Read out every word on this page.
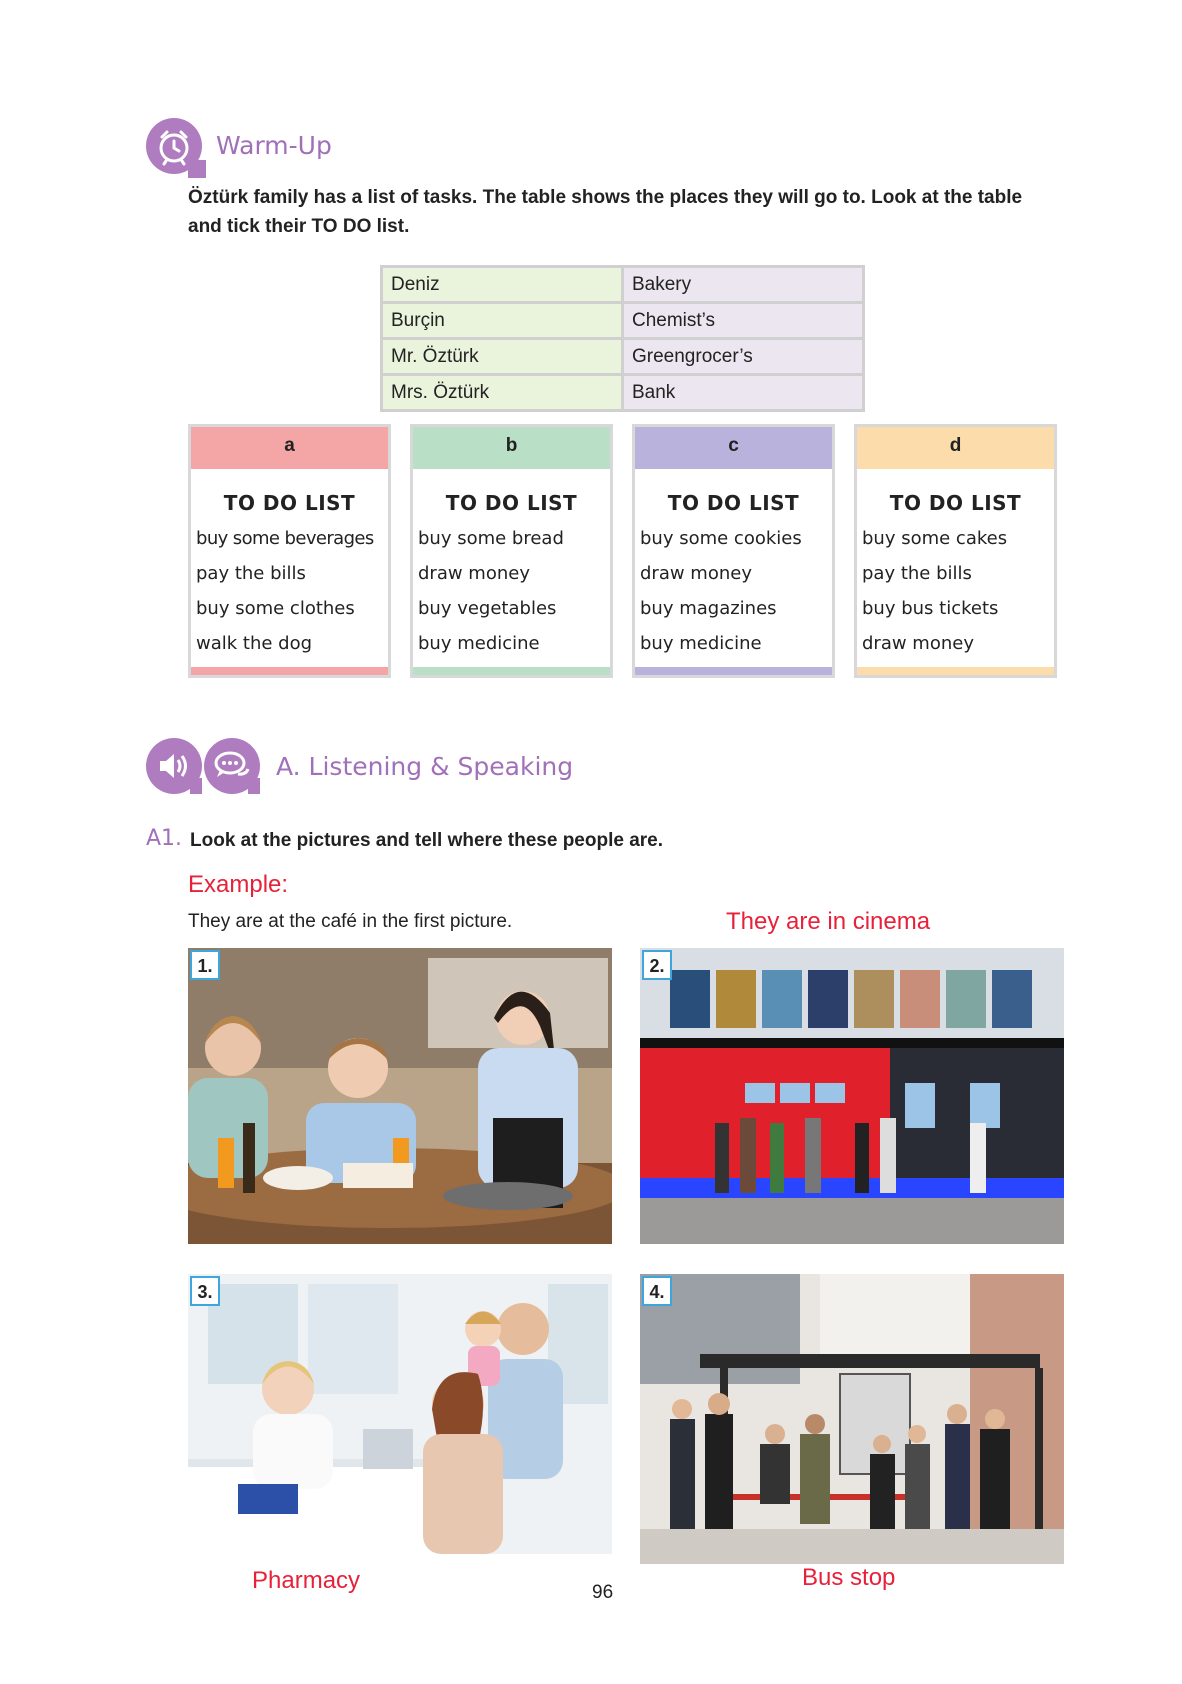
Warm-Up
Öztürk family has a list of tasks. The table shows the places they will go to. Look at the table and tick their TO DO list.
Deniz	Bakery
Burçin	Chemist’s
Mr. Öztürk	Greengrocer’s
Mrs. Öztürk	Bank
a
TO DO LIST
buy some beverages
pay the bills
buy some clothes
walk the dog
b
TO DO LIST
buy some bread
draw money
buy vegetables
buy medicine
c
TO DO LIST
buy some cookies
draw money
buy magazines
buy medicine
d
TO DO LIST
buy some cakes
pay the bills
buy bus tickets
draw money
A. Listening & Speaking
A1. Look at the pictures and tell where these people are.
Example:
They are at the café in the first picture.	They are in cinema
1.	2.
3.	4.
Pharmacy	96
Bus stop
